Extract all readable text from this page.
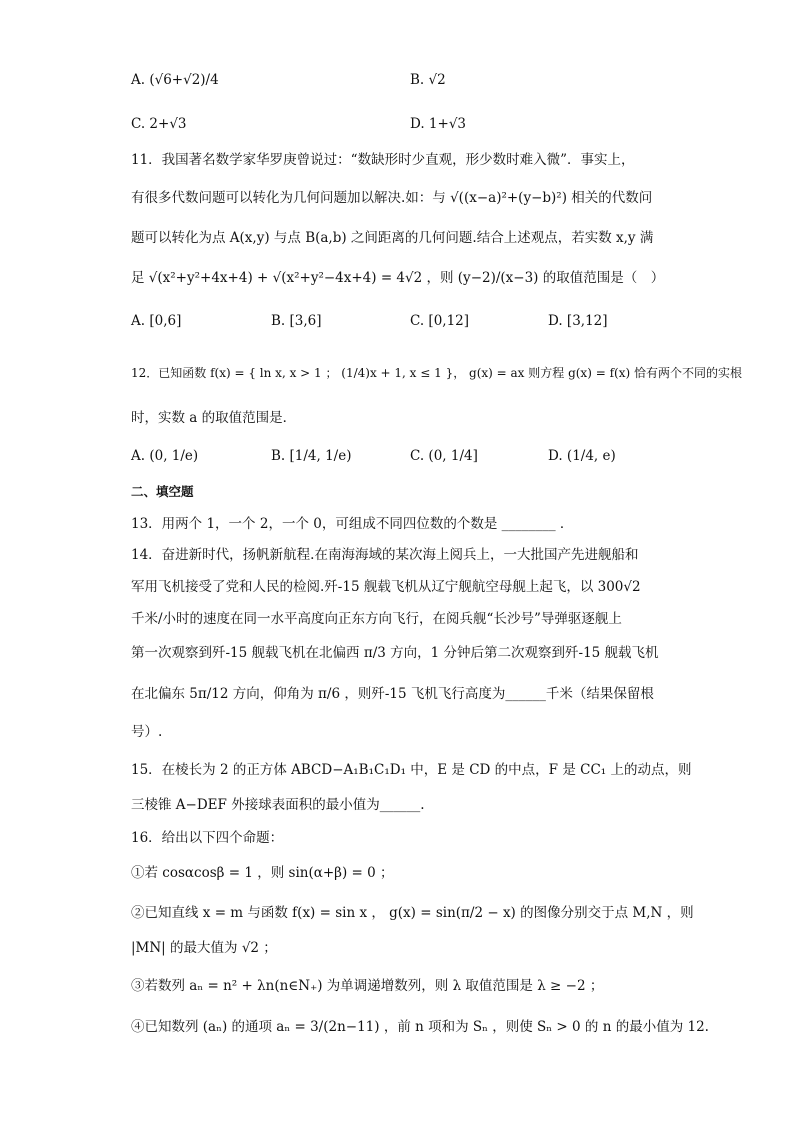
A. (√6+√2)/4	B. √2
C. 2+√3	D. 1+√3
11．我国著名数学家华罗庚曾说过：“数缺形时少直观，形少数时难入微”．事实上，
有很多代数问题可以转化为几何问题加以解决.如：与 √((x−a)²+(y−b)²) 相关的代数问
题可以转化为点 A(x,y) 与点 B(a,b) 之间距离的几何问题.结合上述观点，若实数 x,y 满
足 √(x²+y²+4x+4) + √(x²+y²−4x+4) = 4√2 ，则 (y−2)/(x−3) 的取值范围是（　）
A. [0,6]	B. [3,6]	C. [0,12]	D. [3,12]
12．已知函数 f(x) = { ln x, x > 1 ； (1/4)x + 1, x ≤ 1 }， g(x) = ax 则方程 g(x) = f(x) 恰有两个不同的实根
时，实数 a 的取值范围是．
A. (0, 1/e)	B. [1/4, 1/e)	C. (0, 1/4]	D. (1/4, e)
二、填空题
13．用两个 1，一个 2，一个 0，可组成不同四位数的个数是 ________ ．
14．奋进新时代，扬帆新航程.在南海海域的某次海上阅兵上，一大批国产先进舰船和
军用飞机接受了党和人民的检阅.歼-15 舰载飞机从辽宁舰航空母舰上起飞，以 300√2
千米/小时的速度在同一水平高度向正东方向飞行，在阅兵舰“长沙号”导弹驱逐舰上
第一次观察到歼-15 舰载飞机在北偏西 π/3 方向，1 分钟后第二次观察到歼-15 舰载飞机
在北偏东 5π/12 方向，仰角为 π/6 ，则歼-15 飞机飞行高度为______千米（结果保留根
号）.
15．在棱长为 2 的正方体 ABCD−A₁B₁C₁D₁ 中，E 是 CD 的中点，F 是 CC₁ 上的动点，则
三棱锥 A−DEF 外接球表面积的最小值为______.
16．给出以下四个命题：
①若 cosαcosβ = 1 ，则 sin(α+β) = 0 ；
②已知直线 x = m 与函数 f(x) = sin x ， g(x) = sin(π/2 − x) 的图像分别交于点 M,N ，则
|MN| 的最大值为 √2 ；
③若数列 aₙ = n² + λn(n∈N₊) 为单调递增数列，则 λ 取值范围是 λ ≥ −2 ；
④已知数列 (aₙ) 的通项 aₙ = 3/(2n−11) ，前 n 项和为 Sₙ ，则使 Sₙ > 0 的 n 的最小值为 12.
